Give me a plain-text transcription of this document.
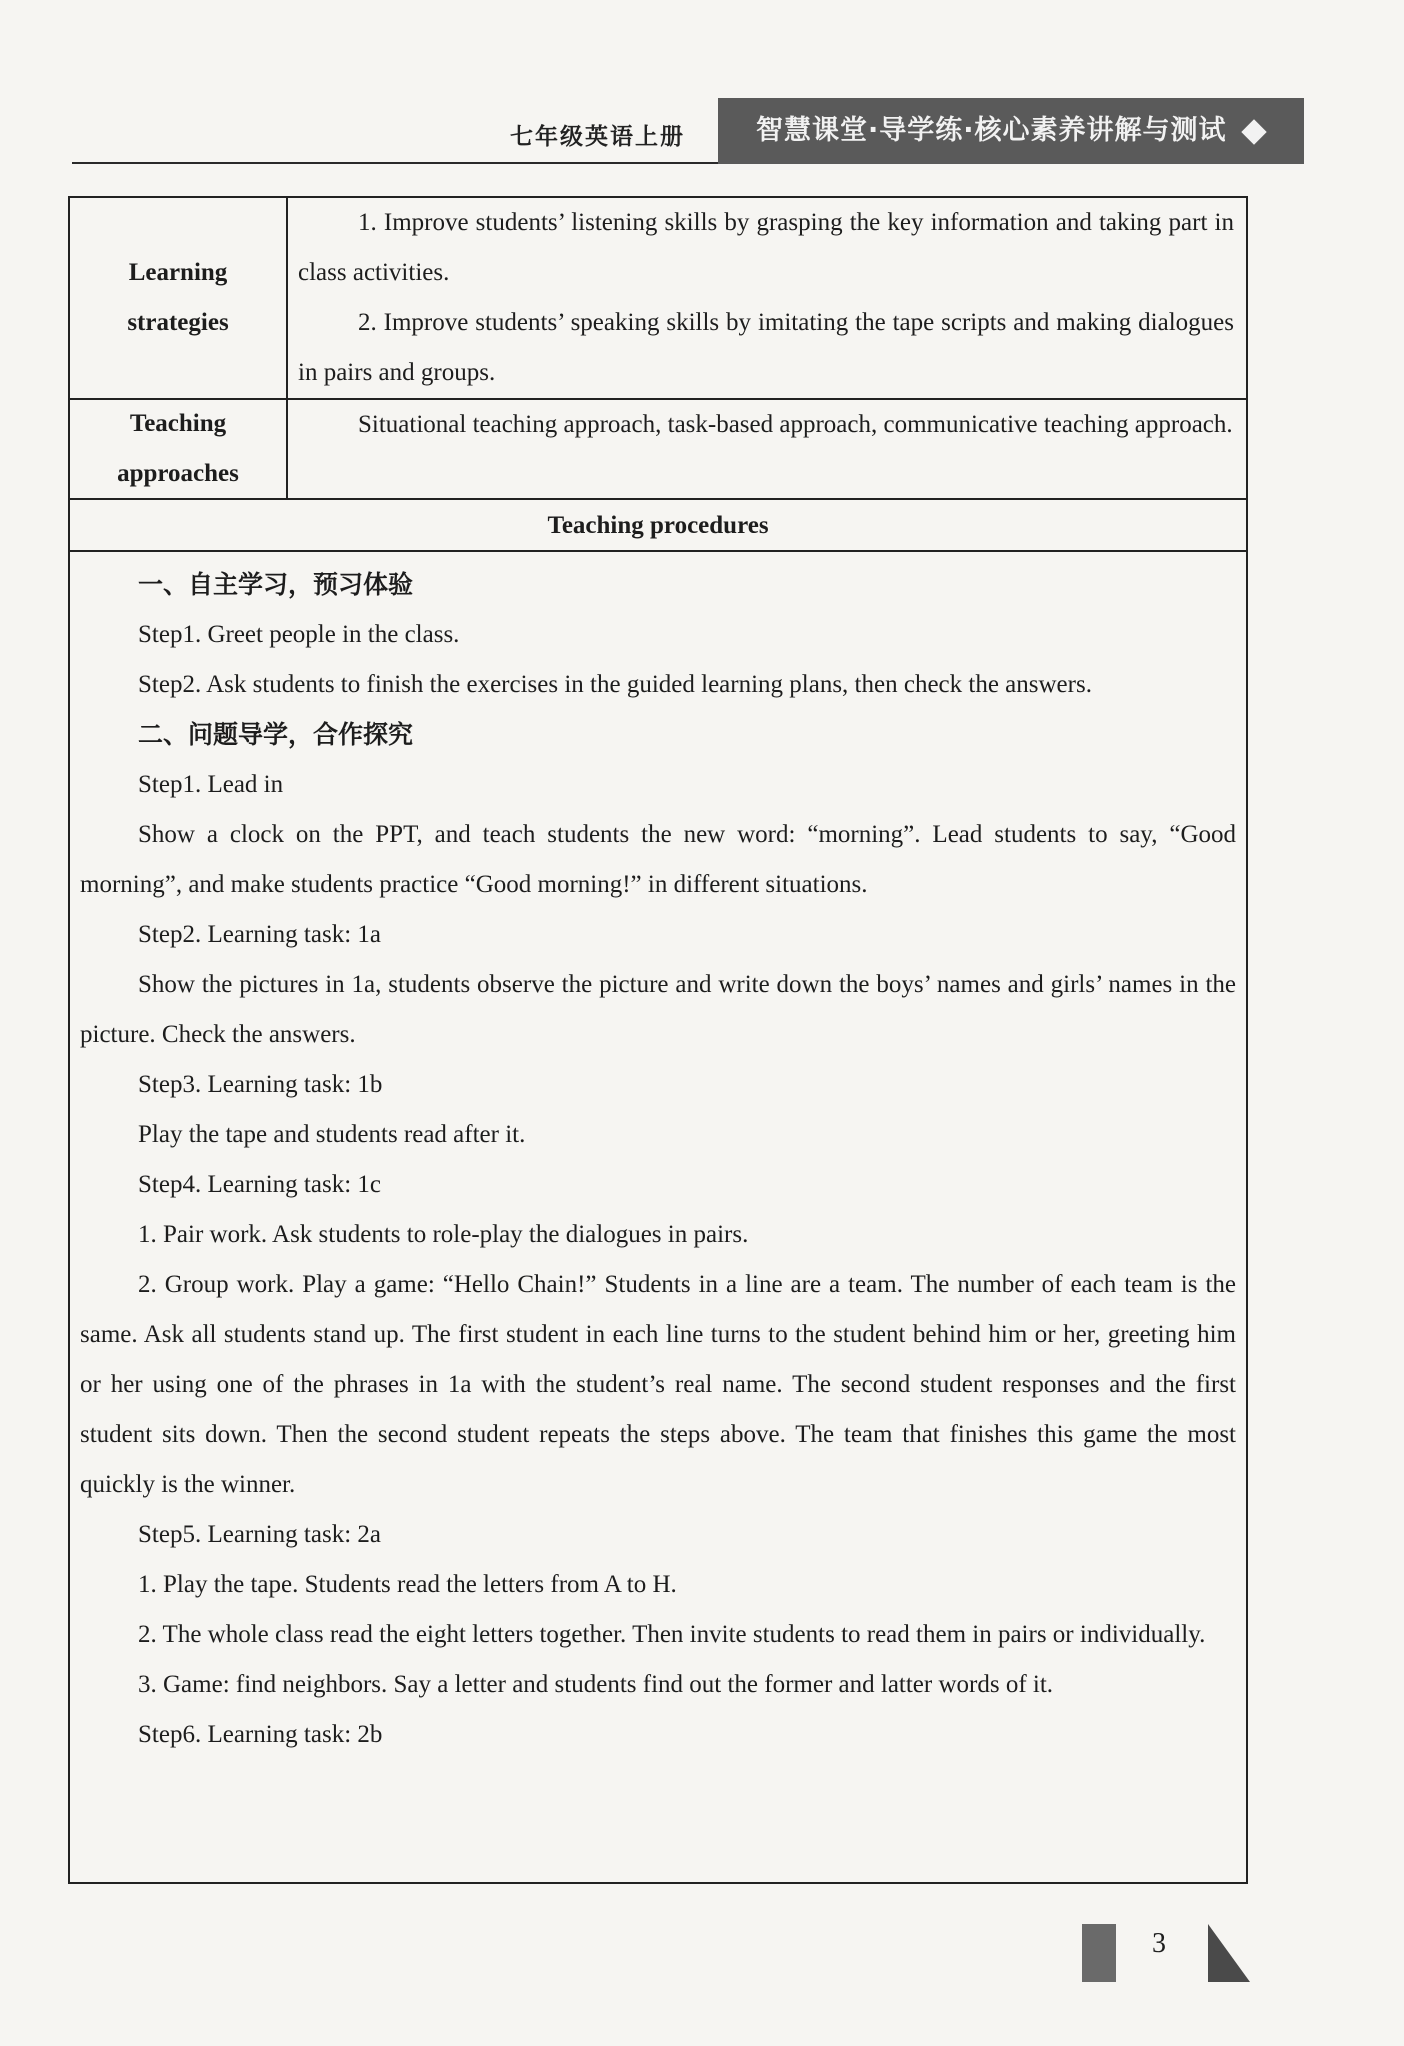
七年级英语上册	智慧课堂·导学练·核心素养讲解与测试
Learning
strategies

1. Improve students’ listening skills by grasping the key information and taking part in class activities.

2. Improve students’ speaking skills by imitating the tape scripts and making dialogues in pairs and groups.

Teaching
approaches

Situational teaching approach, task-based approach, communicative teaching approach.

Teaching procedures

一、自主学习，预习体验

Step1. Greet people in the class.

Step2. Ask students to finish the exercises in the guided learning plans, then check the answers.

二、问题导学，合作探究

Step1. Lead in

Show a clock on the PPT, and teach students the new word: “morning”. Lead students to say, “Good morning”, and make students practice “Good morning!” in different situations.

Step2. Learning task: 1a

Show the pictures in 1a, students observe the picture and write down the boys’ names and girls’ names in the picture. Check the answers.

Step3. Learning task: 1b

Play the tape and students read after it.

Step4. Learning task: 1c

1. Pair work. Ask students to role-play the dialogues in pairs.

2. Group work. Play a game: “Hello Chain!” Students in a line are a team. The number of each team is the same. Ask all students stand up. The first student in each line turns to the student behind him or her, greeting him or her using one of the phrases in 1a with the student’s real name. The second student responses and the first student sits down. Then the second student repeats the steps above. The team that finishes this game the most quickly is the winner.

Step5. Learning task: 2a

1. Play the tape. Students read the letters from A to H.

2. The whole class read the eight letters together. Then invite students to read them in pairs or individually.

3. Game: find neighbors. Say a letter and students find out the former and latter words of it.

Step6. Learning task: 2b

3
